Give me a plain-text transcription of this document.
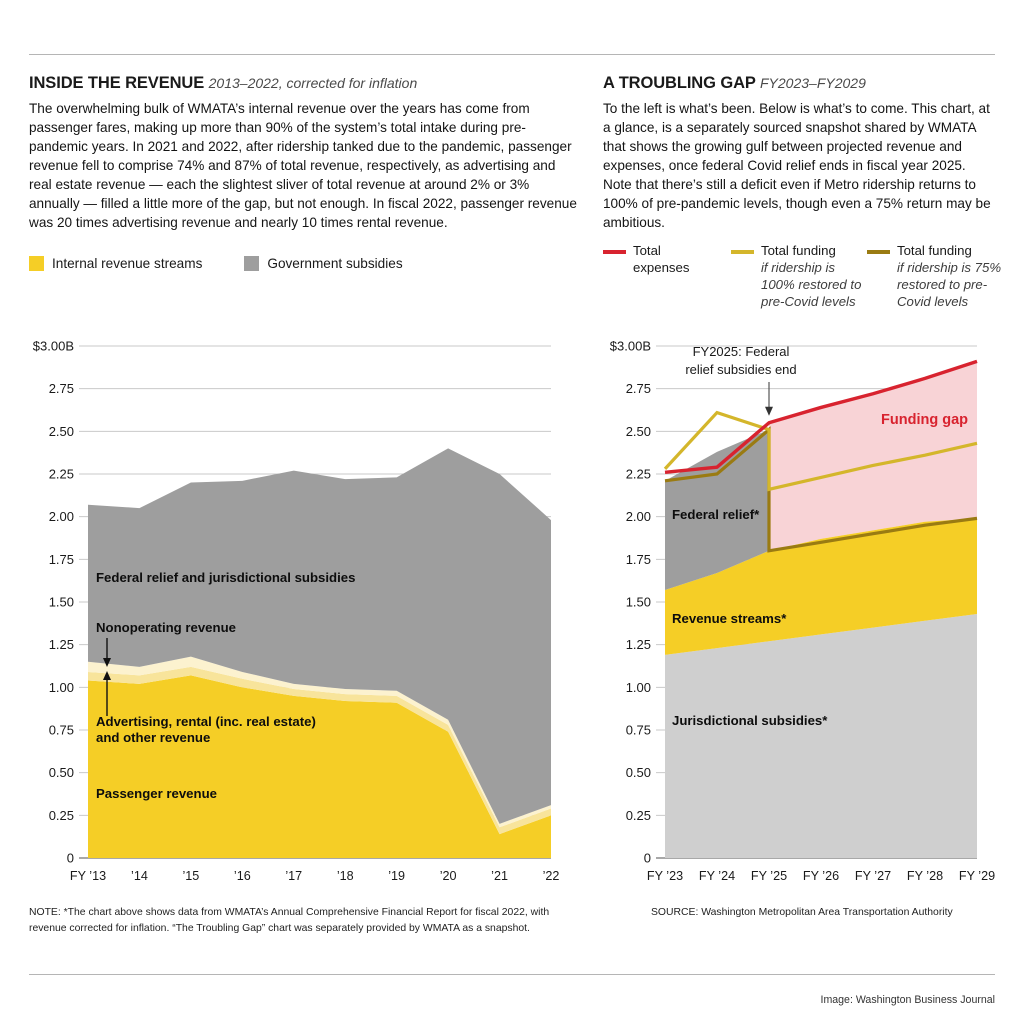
INSIDE THE REVENUE 2013–2022, corrected for inflation

The overwhelming bulk of WMATA’s internal revenue over the years has come from passenger fares, making up more than 90% of the system’s total intake during pre-pandemic years. In 2021 and 2022, after ridership tanked due to the pandemic, passenger revenue fell to comprise 74% and 87% of total revenue, respectively, as advertising and real estate revenue — each the slightest sliver of total revenue at around 2% or 3% annually — filled a little more of the gap, but not enough. In fiscal 2022, passenger revenue was 20 times advertising revenue and nearly 10 times rental revenue.

Internal revenue streams	Government subsidies
A TROUBLING GAP FY2023–FY2029

To the left is what’s been. Below is what’s to come. This chart, at a glance, is a separately sourced snapshot shared by WMATA that shows the growing gulf between projected revenue and expenses, once federal Covid relief ends in fiscal year 2025. Note that there’s still a deficit even if Metro ridership returns to 100% of pre-pandemic levels, though even a 75% return may be ambitious.

Total
expenses
Total funding
if ridership is 100% restored to pre-Covid levels
Total funding
if ridership is 75% restored to pre-Covid levels
0
0.25
0.50
0.75
1.00
1.25
1.50
1.75
2.00
2.25
2.50
2.75
$3.00B
FY ’13 ’14	’15	’16	’17	’18	’19	’20	’21	’22
Federal relief and jurisdictional subsidies
Nonoperating revenue
Advertising, rental (inc. real estate)
and other revenue
Passenger revenue
0
0.25
0.50
0.75
1.00
1.25
1.50
1.75
2.00
2.25
2.50
2.75
$3.00B
FY ’23 FY ’24 FY ’25 FY ’26 FY ’27 FY ’28 FY ’29
FY2025: Federal
relief subsidies end
Funding gap
Federal relief*
Revenue streams*
Jurisdictional subsidies*
NOTE: *The chart above shows data from WMATA’s Annual Comprehensive Financial Report for fiscal 2022, with
revenue corrected for inflation. “The Troubling Gap” chart was separately provided by WMATA as a snapshot.
SOURCE: Washington Metropolitan Area Transportation Authority
Image: Washington Business Journal
